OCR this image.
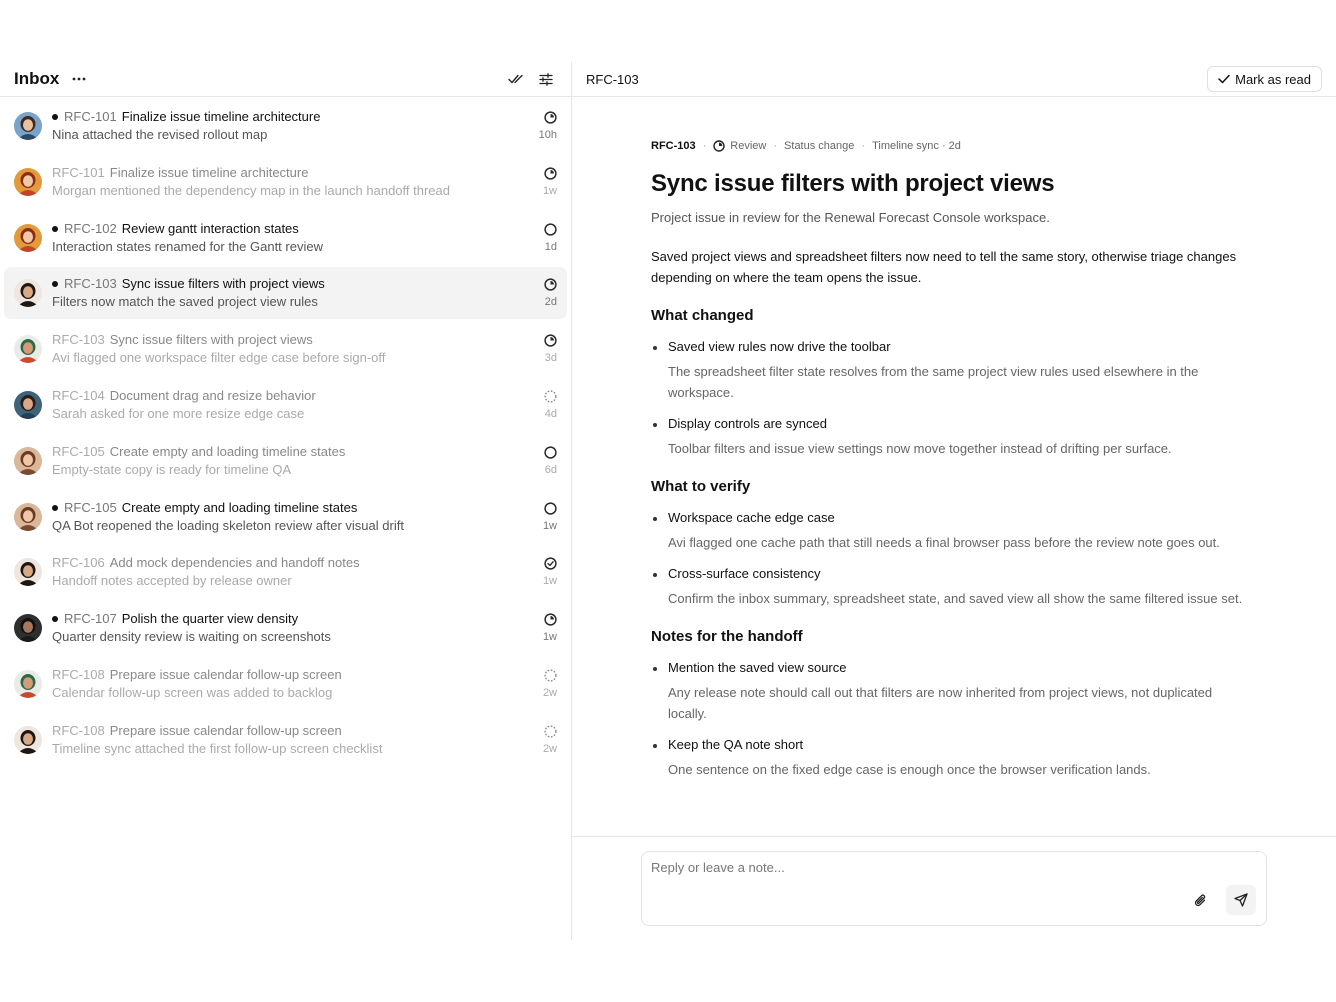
Inbox
RFC-101 Finalize issue timeline architecture
Nina attached the revised rollout map	10h
RFC-101 Finalize issue timeline architecture
Morgan mentioned the dependency map in the launch handoff thread	1w
RFC-102 Review gantt interaction states
Interaction states renamed for the Gantt review	1d
RFC-103 Sync issue filters with project views
Filters now match the saved project view rules	2d
RFC-103 Sync issue filters with project views
Avi flagged one workspace filter edge case before sign-off	3d
RFC-104 Document drag and resize behavior
Sarah asked for one more resize edge case	4d
RFC-105 Create empty and loading timeline states
Empty-state copy is ready for timeline QA	6d
RFC-105 Create empty and loading timeline states
QA Bot reopened the loading skeleton review after visual drift	1w
RFC-106 Add mock dependencies and handoff notes
Handoff notes accepted by release owner	1w
RFC-107 Polish the quarter view density
Quarter density review is waiting on screenshots	1w
RFC-108 Prepare issue calendar follow-up screen
Calendar follow-up screen was added to backlog	2w
RFC-108 Prepare issue calendar follow-up screen
Timeline sync attached the first follow-up screen checklist	2w
RFC-103	Mark as read
RFC-103 · Review · Status change · Timeline sync · 2d
Sync issue filters with project views

Project issue in review for the Renewal Forecast Console workspace.

Saved project views and spreadsheet filters now need to tell the same story, otherwise triage changes depending on where the team opens the issue.

What changed
Saved view rules now drive the toolbar
The spreadsheet filter state resolves from the same project view rules used elsewhere in the workspace.
Display controls are synced
Toolbar filters and issue view settings now move together instead of drifting per surface.
What to verify
Workspace cache edge case
Avi flagged one cache path that still needs a final browser pass before the review note goes out.
Cross-surface consistency
Confirm the inbox summary, spreadsheet state, and saved view all show the same filtered issue set.
Notes for the handoff
Mention the saved view source
Any release note should call out that filters are now inherited from project views, not duplicated locally.
Keep the QA note short
One sentence on the fixed edge case is enough once the browser verification lands.
Reply or leave a note...
